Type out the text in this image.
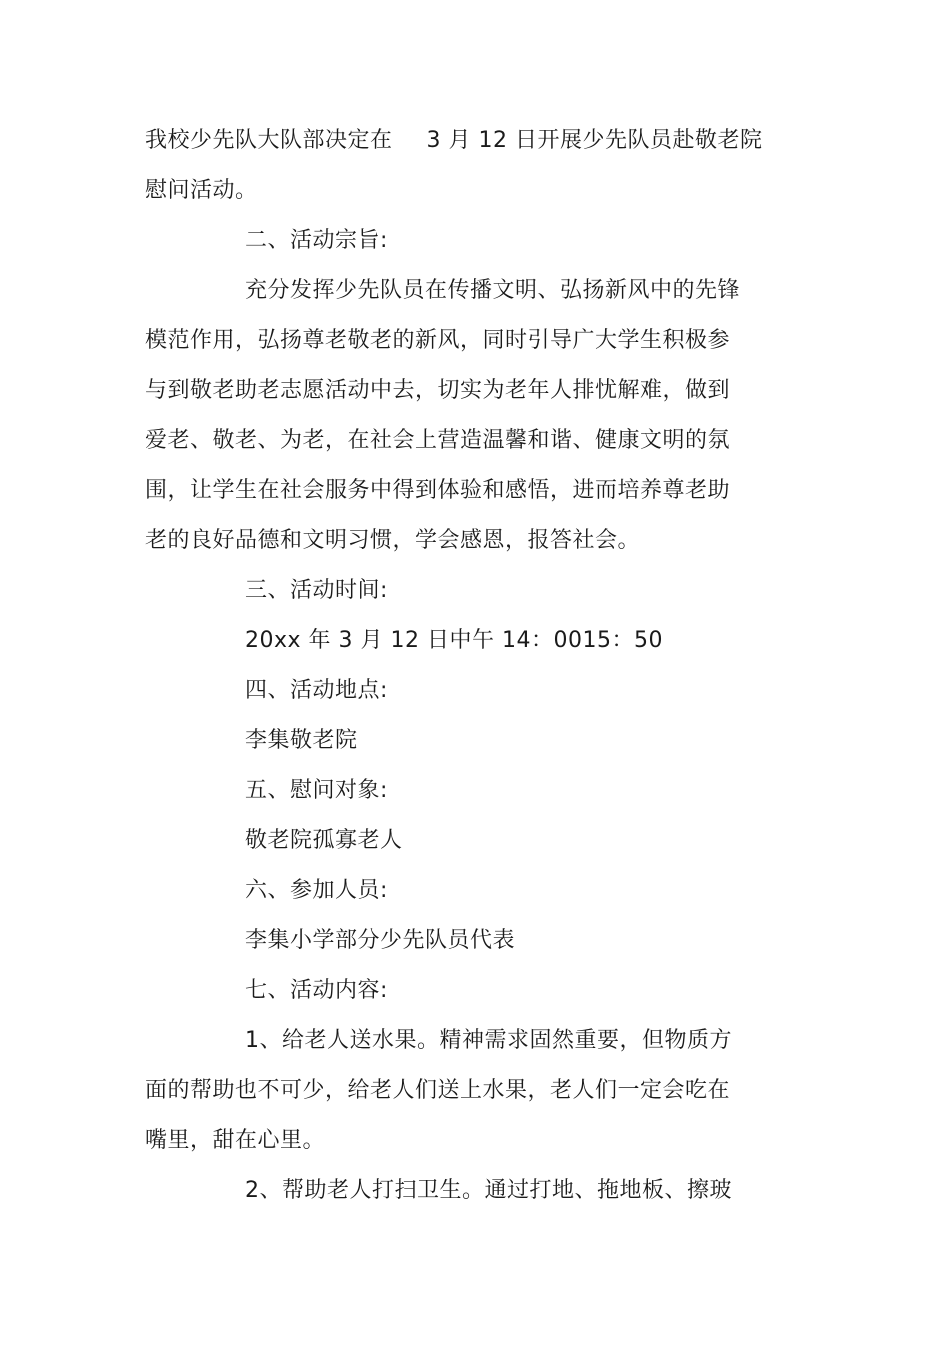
我校少先队大队部决定在 3 月 12 日开展少先队员赴敬老院
慰问活动。
二、活动宗旨:
充分发挥少先队员在传播文明、弘扬新风中的先锋
模范作用，弘扬尊老敬老的新风，同时引导广大学生积极参
与到敬老助老志愿活动中去，切实为老年人排忧解难，做到
爱老、敬老、为老，在社会上营造温馨和谐、健康文明的氛
围，让学生在社会服务中得到体验和感悟，进而培养尊老助
老的良好品德和文明习惯，学会感恩，报答社会。
三、活动时间:
20xx 年 3 月 12 日中午 14：0015：50
四、活动地点:
李集敬老院
五、慰问对象:
敬老院孤寡老人
六、参加人员:
李集小学部分少先队员代表
七、活动内容:
1、给老人送水果。精神需求固然重要，但物质方
面的帮助也不可少，给老人们送上水果，老人们一定会吃在
嘴里，甜在心里。
2、帮助老人打扫卫生。通过打地、拖地板、擦玻
